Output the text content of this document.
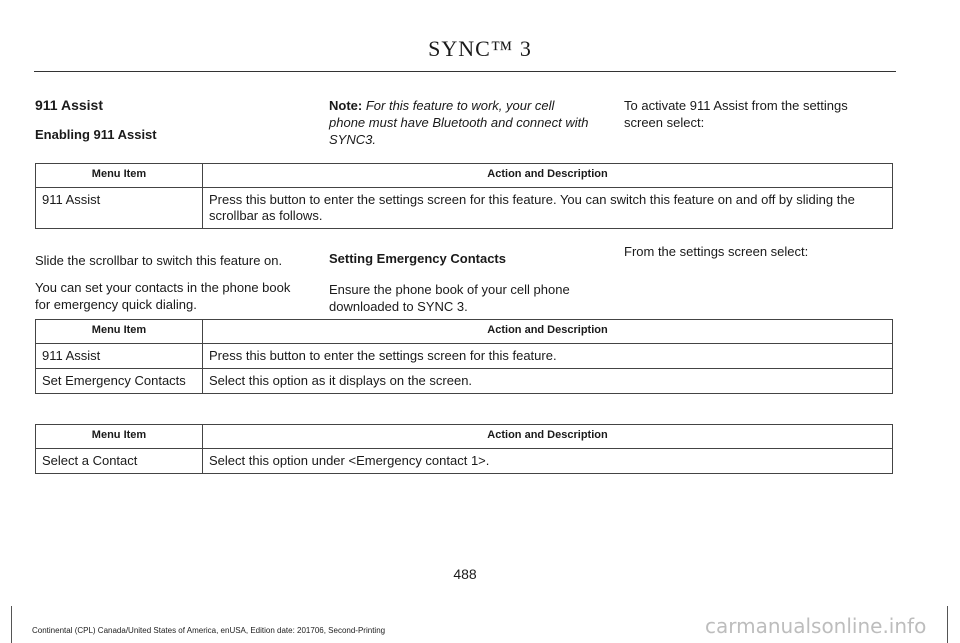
SYNC™ 3

911 Assist

Enabling 911 Assist

Note: For this feature to work, your cell phone must have Bluetooth and connect with SYNC3.

To activate 911 Assist from the settings screen select:

Menu Item	Action and Description
911 Assist	Press this button to enter the settings screen for this feature. You can switch this feature on and off by sliding the scrollbar as follows.

Slide the scrollbar to switch this feature on.

You can set your contacts in the phone book for emergency quick dialing.

Setting Emergency Contacts

Ensure the phone book of your cell phone downloaded to SYNC 3.

From the settings screen select:

Menu Item	Action and Description
911 Assist	Press this button to enter the settings screen for this feature.
Set Emergency Contacts	Select this option as it displays on the screen.
Menu Item	Action and Description
Select a Contact	Select this option under <Emergency contact 1>.
488
Continental (CPL) Canada/United States of America, enUSA, Edition date: 201706, Second-Printing	carmanualsonline.info
